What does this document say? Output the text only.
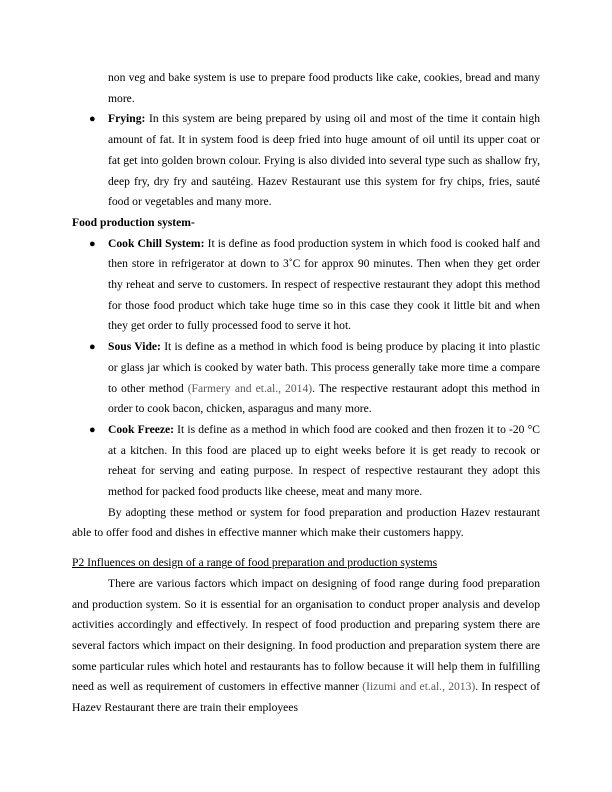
non veg and bake system is use to prepare food products like cake, cookies, bread and many more.

● Frying: In this system are being prepared by using oil and most of the time it contain high amount of fat. It in system food is deep fried into huge amount of oil until its upper coat or fat get into golden brown colour. Frying is also divided into several type such as shallow fry, deep fry, dry fry and sautéing. Hazev Restaurant use this system for fry chips, fries, sauté food or vegetables and many more.

Food production system-

● Cook Chill System: It is define as food production system in which food is cooked half and then store in refrigerator at down to 3˚C for approx 90 minutes. Then when they get order thy reheat and serve to customers. In respect of respective restaurant they adopt this method for those food product which take huge time so in this case they cook it little bit and when they get order to fully processed food to serve it hot.
● Sous Vide: It is define as a method in which food is being produce by placing it into plastic or glass jar which is cooked by water bath. This process generally take more time a compare to other method (Farmery and et.al., 2014). The respective restaurant adopt this method in order to cook bacon, chicken, asparagus and many more.
● Cook Freeze: It is define as a method in which food are cooked and then frozen it to -20 °C at a kitchen. In this food are placed up to eight weeks before it is get ready to recook or reheat for serving and eating purpose. In respect of respective restaurant they adopt this method for packed food products like cheese, meat and many more.

By adopting these method or system for food preparation and production Hazev restaurant able to offer food and dishes in effective manner which make their customers happy.

P2 Influences on design of a range of food preparation and production systems

There are various factors which impact on designing of food range during food preparation and production system. So it is essential for an organisation to conduct proper analysis and develop activities accordingly and effectively. In respect of food production and preparing system there are several factors which impact on their designing. In food production and preparation system there are some particular rules which hotel and restaurants has to follow because it will help them in fulfilling need as well as requirement of customers in effective manner (Iizumi and et.al., 2013). In respect of Hazev Restaurant there are train their employees
